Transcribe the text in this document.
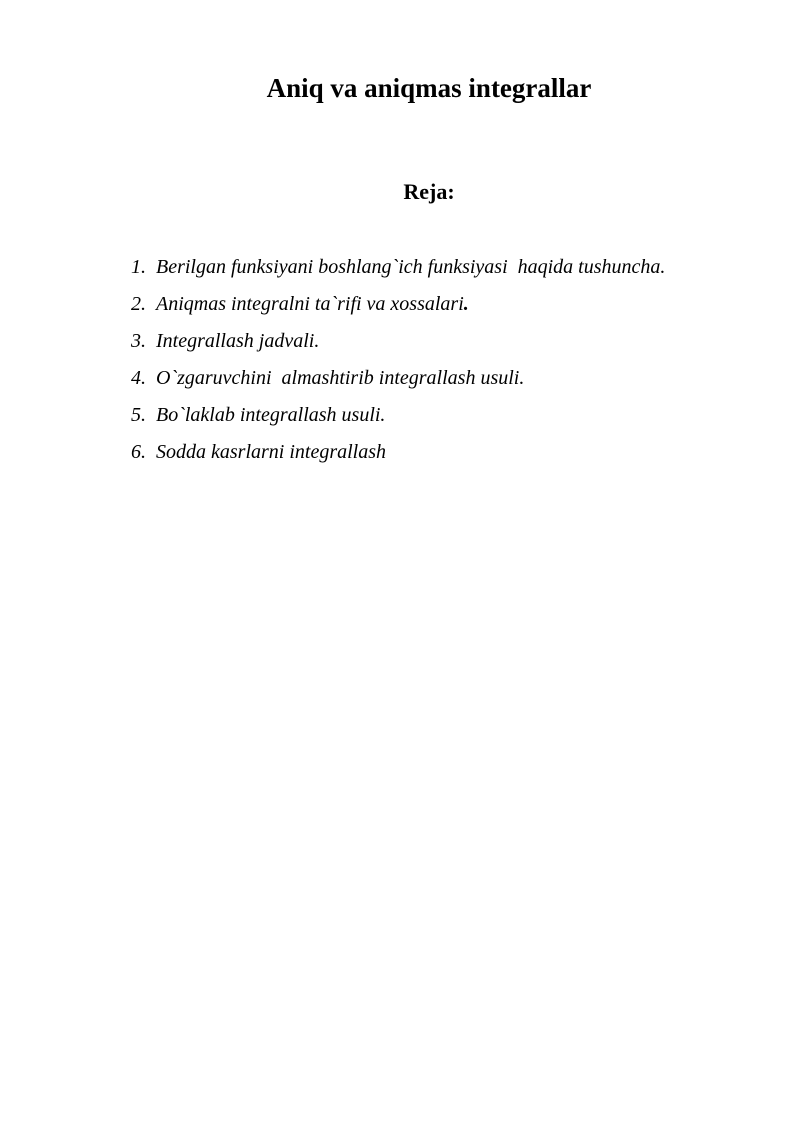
Aniq va aniqmas integrallar
Reja:
1. Berilgan funksiyani boshlang`ich funksiyasi  haqida tushuncha.
2. Aniqmas integralni ta`rifi va xossalari .
3. Integrallash jadvali.
4. O`zgaruvchini  almashtirib integrallash usuli.
5. Bo`laklab integrallash usuli.
6. Sodda kasrlarni integrallash
